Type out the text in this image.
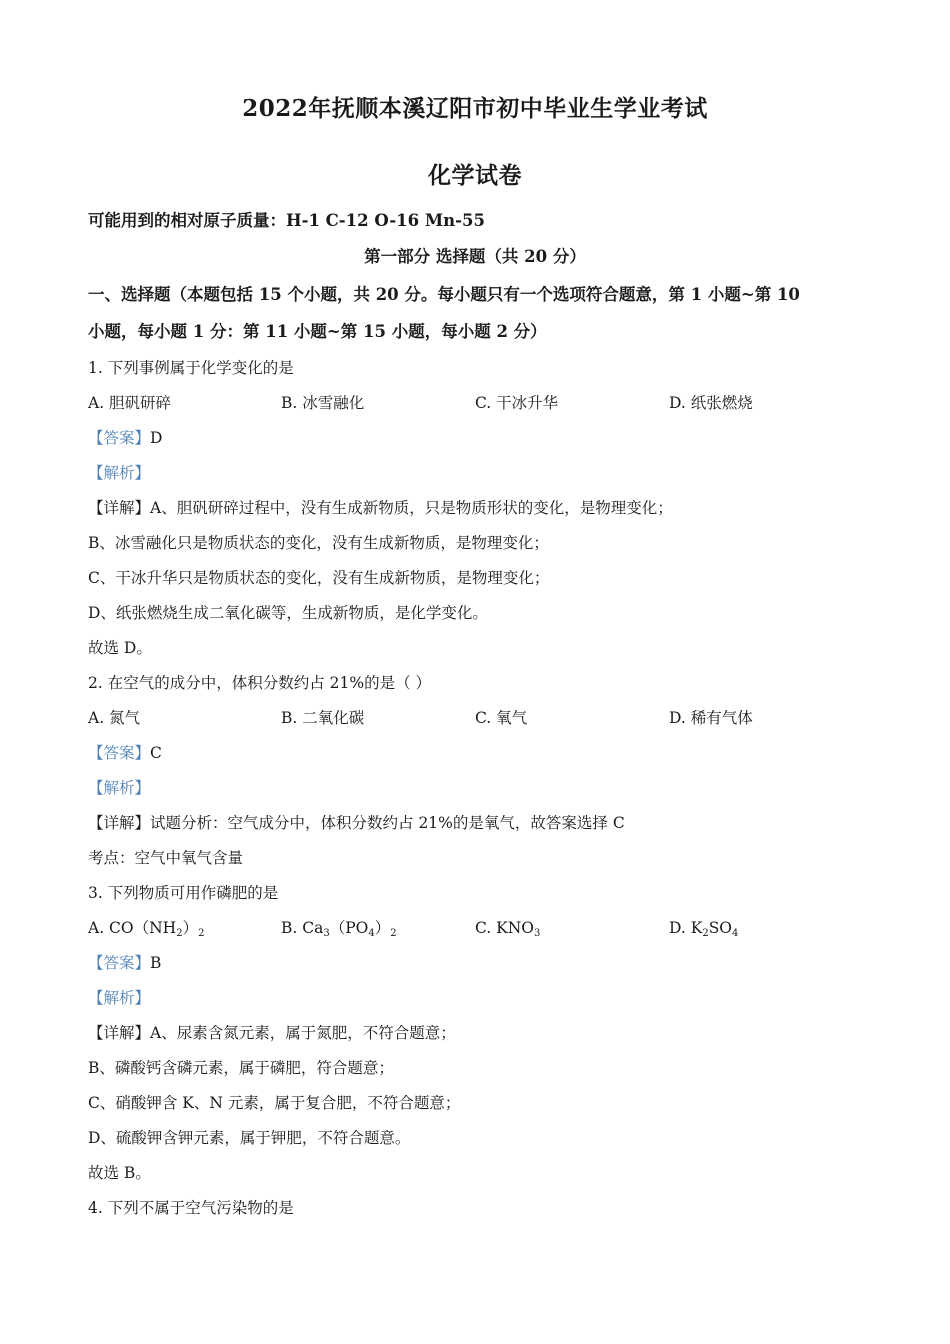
2022年抚顺本溪辽阳市初中毕业生学业考试
化学试卷
可能用到的相对原子质量：H-1 C-12 O-16 Mn-55
第一部分 选择题（共 20 分）
一、选择题（本题包括 15 个小题，共 20 分。每小题只有一个选项符合题意，第 1 小题~第 10
小题，每小题 1 分：第 11 小题~第 15 小题，每小题 2 分）
1. 下列事例属于化学变化的是
A. 胆矾研碎	B. 冰雪融化	C. 干冰升华	D. 纸张燃烧
【答案】D
【解析】
【详解】A、胆矾研碎过程中，没有生成新物质，只是物质形状的变化，是物理变化；
B、冰雪融化只是物质状态的变化，没有生成新物质，是物理变化；
C、干冰升华只是物质状态的变化，没有生成新物质，是物理变化；
D、纸张燃烧生成二氧化碳等，生成新物质，是化学变化。
故选 D。
2. 在空气的成分中，体积分数约占 21%的是（ ）
A. 氮气	B. 二氧化碳	C. 氧气	D. 稀有气体
【答案】C
【解析】
【详解】试题分析：空气成分中，体积分数约占 21%的是氧气，故答案选择 C
考点：空气中氧气含量
3. 下列物质可用作磷肥的是
A. $CO(NH_2)_2$	B. $Ca_3(PO_4)_2$	C. $KNO_3$	D. $K_2SO_4$
【答案】B
【解析】
【详解】A、尿素含氮元素，属于氮肥，不符合题意；
B、磷酸钙含磷元素，属于磷肥，符合题意；
C、硝酸钾含 K、N 元素，属于复合肥，不符合题意；
D、硫酸钾含钾元素，属于钾肥，不符合题意。
故选 B。
4. 下列不属于空气污染物的是
